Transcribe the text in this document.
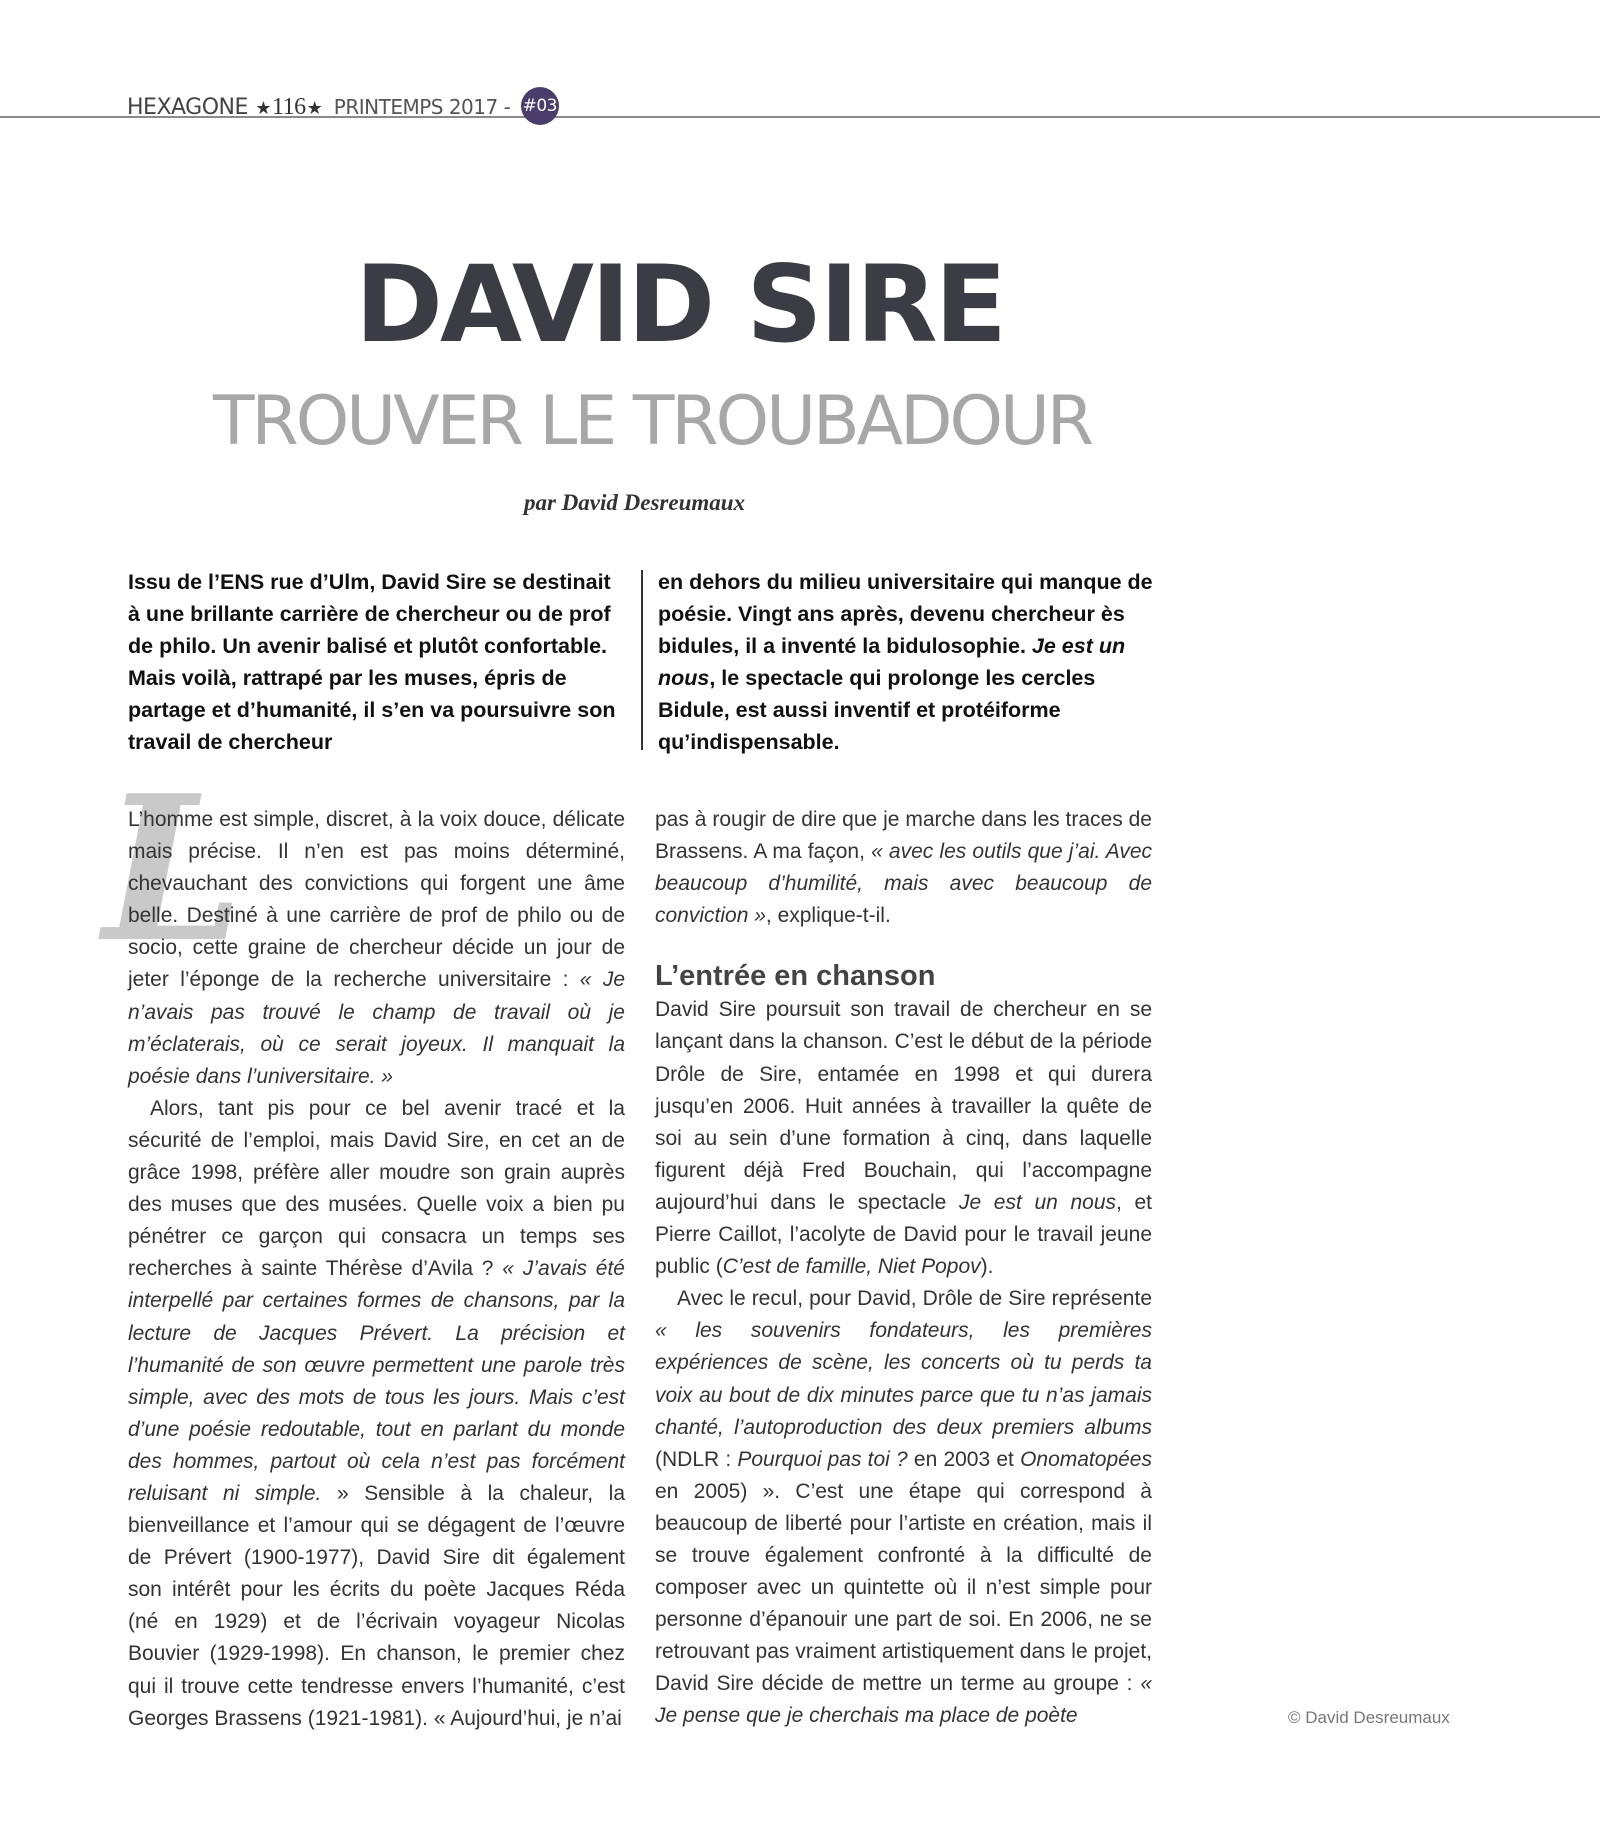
HEXAGONE ★116★ PRINTEMPS 2017 - #03
DAVID SIRE
TROUVER LE TROUBADOUR
par David Desreumaux
Issu de l’ENS rue d’Ulm, David Sire se destinait à une brillante carrière de chercheur ou de prof de philo. Un avenir balisé et plutôt confortable. Mais voilà, rattrapé par les muses, épris de partage et d’humanité, il s’en va poursuivre son travail de chercheur
en dehors du milieu universitaire qui manque de poésie. Vingt ans après, devenu chercheur ès bidules, il a inventé la bidulosophie. Je est un nous, le spectacle qui prolonge les cercles Bidule, est aussi inventif et protéiforme qu’indispensable.
L

L’homme est simple, discret, à la voix douce, délicate mais précise. Il n’en est pas moins déterminé, chevauchant des convictions qui forgent une âme belle. Destiné à une carrière de prof de philo ou de socio, cette graine de chercheur décide un jour de jeter l’éponge de la recherche universitaire : « Je n’avais pas trouvé le champ de travail où je m’éclaterais, où ce serait joyeux. Il manquait la poésie dans l’universitaire. »

Alors, tant pis pour ce bel avenir tracé et la sécurité de l’emploi, mais David Sire, en cet an de grâce 1998, préfère aller moudre son grain auprès des muses que des musées. Quelle voix a bien pu pénétrer ce garçon qui consacra un temps ses recherches à sainte Thérèse d’Avila ? « J’avais été interpellé par certaines formes de chansons, par la lecture de Jacques Prévert. La précision et l’humanité de son œuvre permettent une parole très simple, avec des mots de tous les jours. Mais c’est d’une poésie redoutable, tout en parlant du monde des hommes, partout où cela n’est pas forcément reluisant ni simple. » Sensible à la chaleur, la bienveillance et l’amour qui se dégagent de l’œuvre de Prévert (1900-1977), David Sire dit également son intérêt pour les écrits du poète Jacques Réda (né en 1929) et de l’écrivain voyageur Nicolas Bouvier (1929-1998). En chanson, le premier chez qui il trouve cette tendresse envers l’humanité, c’est Georges Brassens (1921-1981). « Aujourd’hui, je n’ai

pas à rougir de dire que je marche dans les traces de Brassens. A ma façon, « avec les outils que j’ai. Avec beaucoup d’humilité, mais avec beaucoup de conviction », explique-t-il.

L’entrée en chanson

David Sire poursuit son travail de chercheur en se lançant dans la chanson. C’est le début de la période Drôle de Sire, entamée en 1998 et qui durera jusqu’en 2006. Huit années à travailler la quête de soi au sein d’une formation à cinq, dans laquelle figurent déjà Fred Bouchain, qui l’accompagne aujourd’hui dans le spectacle Je est un nous, et Pierre Caillot, l’acolyte de David pour le travail jeune public (C’est de famille, Niet Popov).

Avec le recul, pour David, Drôle de Sire représente « les souvenirs fondateurs, les premières expériences de scène, les concerts où tu perds ta voix au bout de dix minutes parce que tu n’as jamais chanté, l’autoproduction des deux premiers albums (NDLR : Pourquoi pas toi ? en 2003 et Onomatopées en 2005) ». C’est une étape qui correspond à beaucoup de liberté pour l’artiste en création, mais il se trouve également confronté à la difficulté de composer avec un quintette où il n’est simple pour personne d’épanouir une part de soi. En 2006, ne se retrouvant pas vraiment artistiquement dans le projet, David Sire décide de mettre un terme au groupe : « Je pense que je cherchais ma place de poète	© David Desreumaux
